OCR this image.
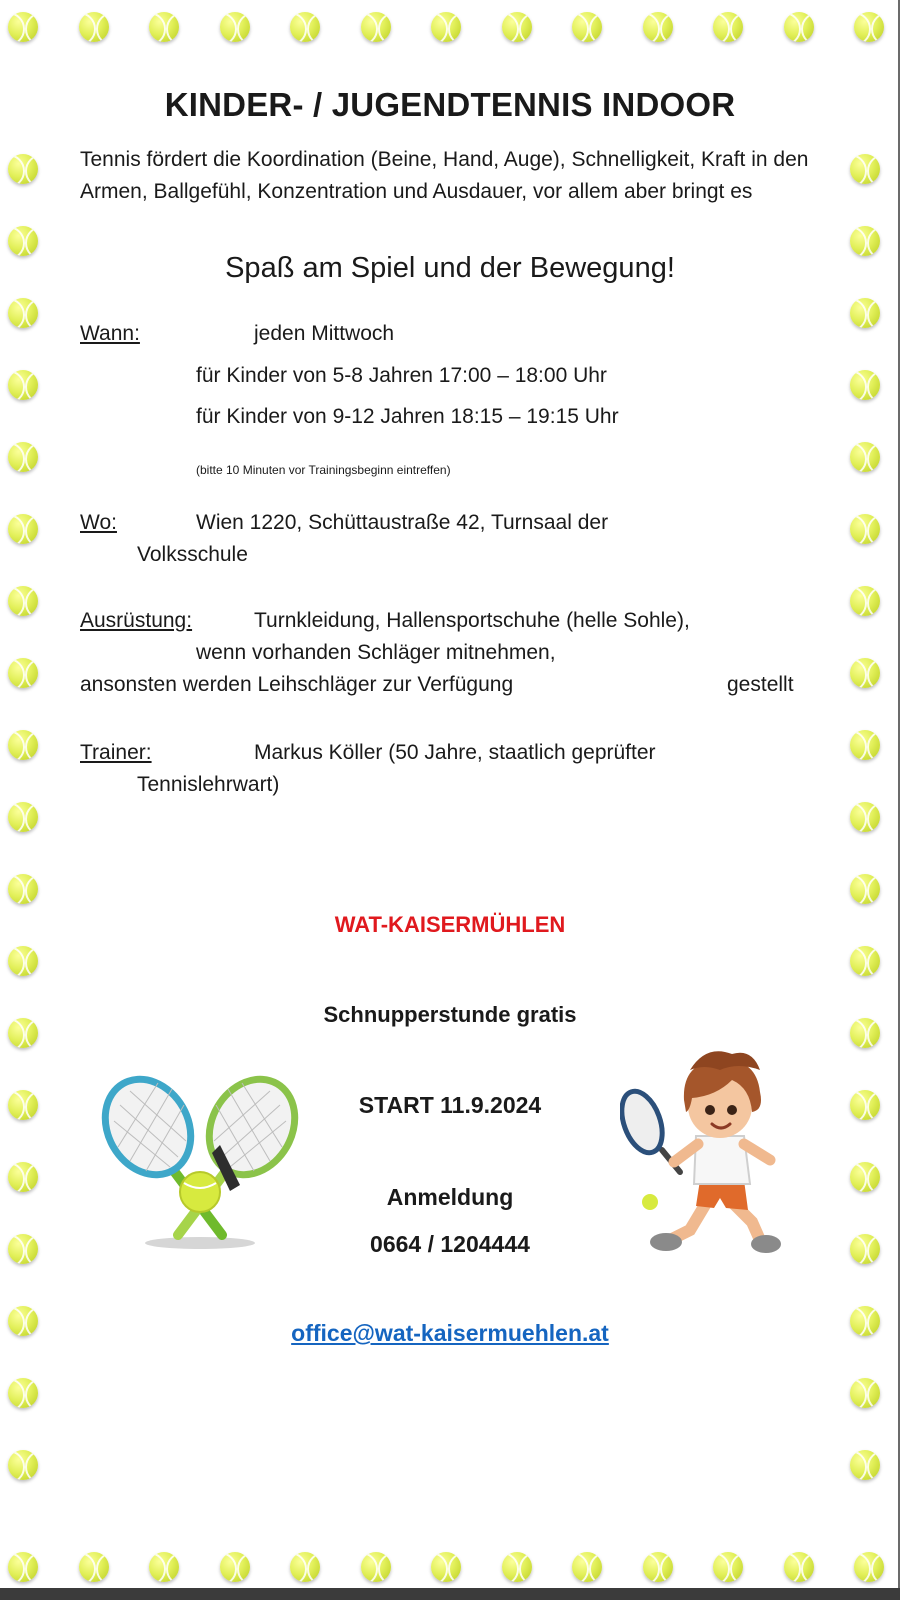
KINDER- / JUGENDTENNIS INDOOR

Tennis fördert die Koordination (Beine, Hand, Auge), Schnelligkeit, Kraft in den Armen, Ballgefühl, Konzentration und Ausdauer, vor allem aber bringt es

Spaß am Spiel und der Bewegung!

Wann:	jeden Mittwoch
für Kinder von 5-8 Jahren 17:00 – 18:00 Uhr
für Kinder von 9-12 Jahren 18:15 – 19:15 Uhr
(bitte 10 Minuten vor Trainingsbeginn eintreffen)
Wo:	Wien 1220, Schüttaustraße 42, Turnsaal der
Volksschule
Ausrüstung:	Turnkleidung, Hallensportschuhe (helle Sohle),
wenn vorhanden Schläger mitnehmen,
ansonsten werden Leihschläger zur Verfügung	gestellt
Trainer:	Markus Köller (50 Jahre, staatlich geprüfter
Tennislehrwart)

WAT-KAISERMÜHLEN

Schnupperstunde gratis

START 11.9.2024

Anmeldung

0664 / 1204444

office@wat-kaisermuehlen.at
